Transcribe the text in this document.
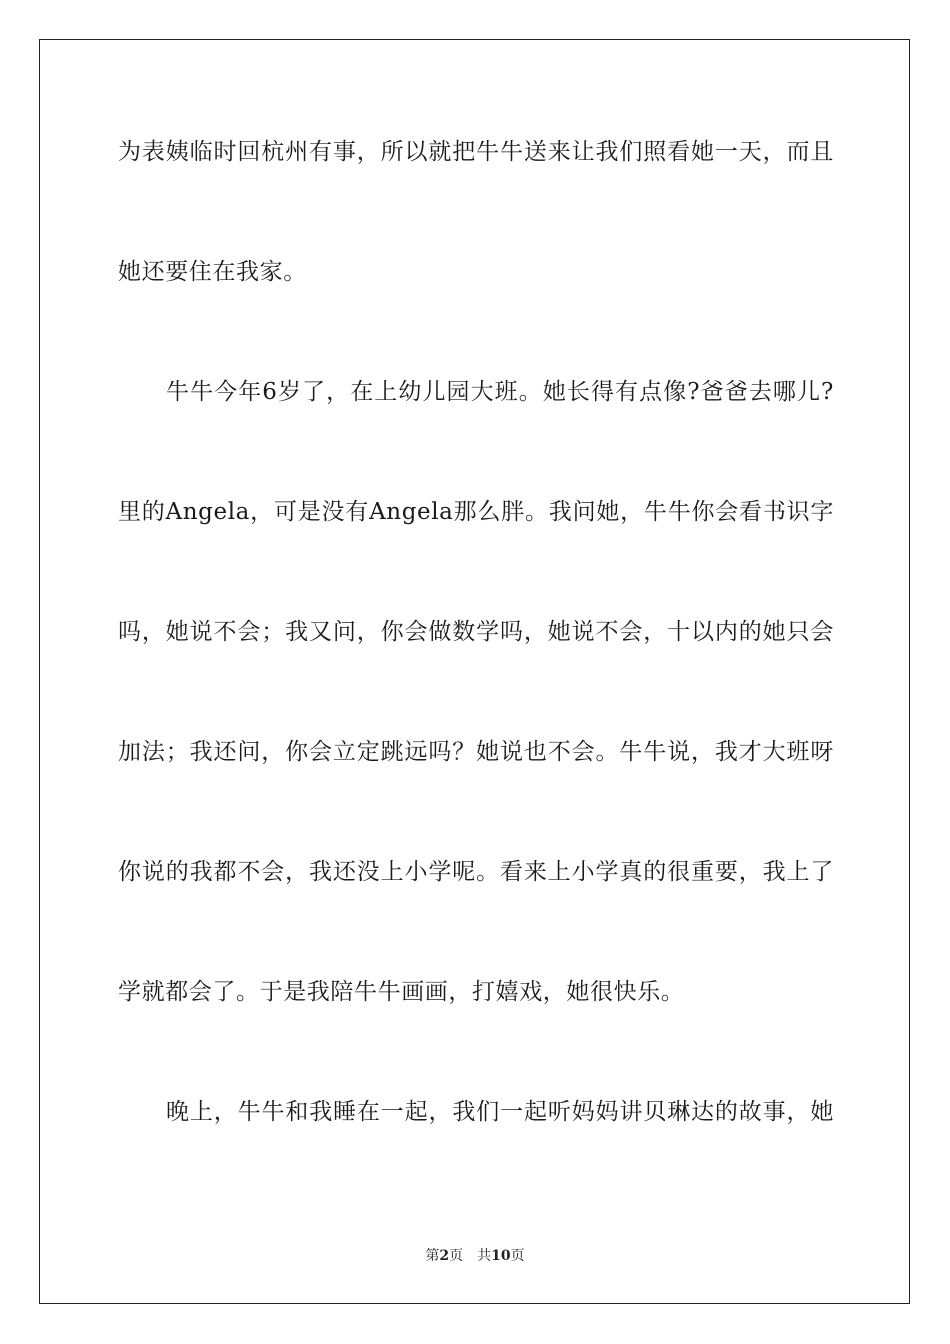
为表姨临时回杭州有事，所以就把牛牛送来让我们照看她一天，而且
她还要住在我家。
牛牛今年6岁了，在上幼儿园大班。她长得有点像?爸爸去哪儿?
里的Angela，可是没有Angela那么胖。我问她，牛牛你会看书识字
吗，她说不会；我又问，你会做数学吗，她说不会，十以内的她只会
加法；我还问，你会立定跳远吗？她说也不会。牛牛说，我才大班呀
你说的我都不会，我还没上小学呢。看来上小学真的很重要，我上了
学就都会了。于是我陪牛牛画画，打嬉戏，她很快乐。
晚上，牛牛和我睡在一起，我们一起听妈妈讲贝琳达的故事，她
第2页 共10页
